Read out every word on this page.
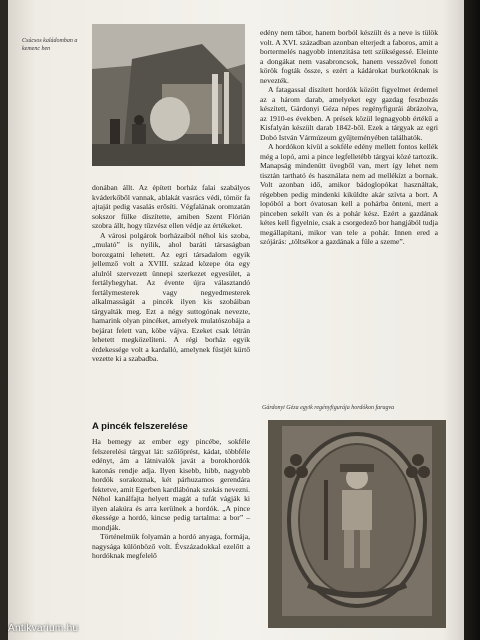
Csúcsos kaládomban a kemenc ben

edény nem tábor, hanem borból készült és a neve is tülök volt. A XVI. században azonban elterjedt a faboros, amit a bortermelés nagyobb intenzitása tett szükségessé. Eleinte a dongákat nem vasabroncsok, hanem vesszővel fonott körök fogták össze, s ezért a kádárokat burkotóknak is nevezték.

A fatagassal díszített hordók között figyelmet érdemel az a három darab, amelyeket egy gazdag feszbozás készített, Gárdonyi Géza népes regényfigurái ábrázolva, az 1910-es években. A prések közül legnagyobb értékű a Kisfalyán készült darab 1842-ből. Ezek a tárgyak az egri Dobó István Vármúzeum gyűjteményében találhatók.

A hordókon kívül a sokféle edény mellett fontos kellék még a lopó, ami a pince legfelletébb tárgyai közé tartozik. Manapság mindenütt üvegből van, mert így lehet nem tisztán tartható és használata nem ad mellékízt a bornak. Volt azonban idő, amikor bádoglopókat használtak, régebben pedig mindenki kiküldte akár szívta a bort. A lopóból a bort óvatosan kell a pohárba önteni, mert a pinceben sekélt van és a pohár kész. Ezért a gazdának kétes kell figyelnie, csak a csorgedező bor hangjából tudja megállapítani, mikor van tele a pohár. Innen ered a szójárás: „töltsékor a gazdának a füle a szeme”.

donában állt. Az épített borház falai szabályos kváderkőből vannak, ablakát vasrács védi, tömör fa ajtaját pedig vasalás erősíti. Végfalának oromzatán sokszor fülke díszítette, amiben Szent Flórián szobra állt, hogy tűzvész ellen védje az értékeket.

A városi polgárok borházaiból néhol kis szoba, „mulató” is nyílik, ahol baráti társaságban borozgatni lehetett. Az egri társadalom egyik jellemző volt a XVIII. század közepe óta egy alulról szervezett ünnepi szerkezet egyesület, a fertályhegyhat. Az évente újra választandó fertálymesterek vagy negyedmesterek alkalmasságát a pincék ilyen kis szobáiban tárgyalták meg. Ezt a négy suttogónak nevezte, hamarink olyan pincéket, amelyek mulatószobája a bejárat felett van, köbe vájva. Ezeket csak létrán lehetett megközelíteni. A régi borház egyik érdekessége volt a kardalló, amelynek füstjét kürtő vezette ki a szabadba.

A pincék felszerelése

Ha bemegy az ember egy pincébe, sokféle felszerelési tárgyat lát: szőlőprést, kádat, többféle edényt, ám a látnivalók javát a borokhordók katonás rendje adja. Ilyen kisebb, hibb, nagyobb hordók sorakoznak, két párhuzamos gerendára fektetve, amit Egerben kardlábónak szokás nevezni. Néhol kanálfajta helyett magát a tufát vágják ki ilyen alakúra és arra kerülnek a hordók. „A pince ékessége a hordó, kincse pedig tartalma: a bor” – mondják.

Történelmük folyamán a hordó anyaga, formája, nagysága különböző volt. Évszázadokkal ezelőtt a hordóknak megfelelő

Gárdonyi Géza egyik regényfigurája hordókon faragva
Antikvarium.hu
